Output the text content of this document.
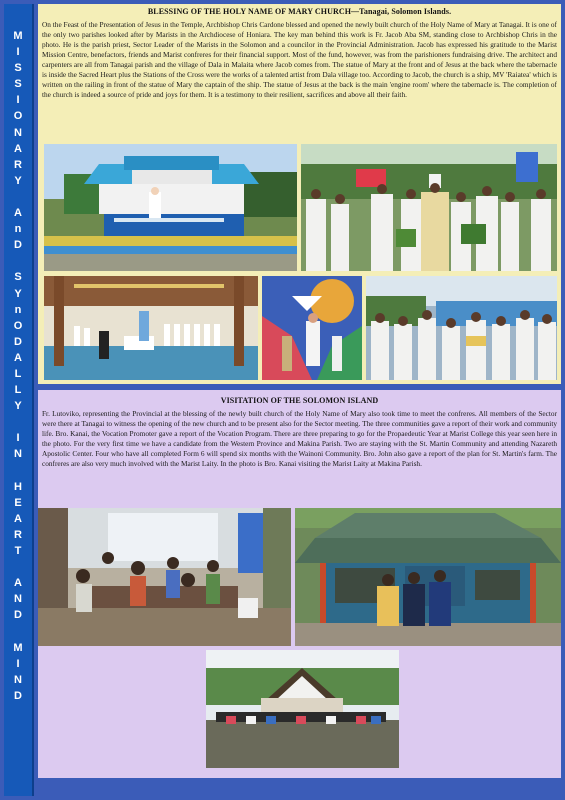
M
I
S
S
I
O
N
A
R
Y

A
n
D

S
Y
n
O
D
A
L
L
Y

I
N

H
E
A
R
T

A
N
D

M
I
N
D
BLESSING OF THE HOLY NAME OF MARY CHURCH—Tanagai, Solomon Islands.
On the Feast of the Presentation of Jesus in the Temple, Archbishop Chris Cardone blessed and opened the newly built church of the Holy Name of Mary at Tanagai. It is one of the only two parishes looked after by Marists in the Archdiocese of Honiara. The key man behind this work is Fr. Jacob Aba SM, standing close to Archbishop Chris in the photo. He is the parish priest, Sector Leader of the Marists in the Solomon and a councilor in the Provincial Administration. Jacob has expressed his gratitude to the Marist Mission Centre, benefactors, friends and Marist confreres for their financial support. Most of the fund, however, was from the parishioners fundraising drive. The architect and carpenters are all from Tanagai parish and the village of Dala in Malaita where Jacob comes from. The statue of Mary at the front and of Jesus at the back where the tabernacle is inside the Sacred Heart plus the Stations of the Cross were the works of a talented artist from Dala village too. According to Jacob, the church is a ship, MV 'Raiatea' which is written on the railing in front of the statue of Mary the captain of the ship. The statue of Jesus at the back is the main 'engine room' where the tabernacle is. The completion of the church is indeed a source of pride and joys for them. It is a testimony to their resilient, sacrifices and above all their faith.
VISITATION OF THE SOLOMON ISLAND
Fr. Lutoviko, representing the Provincial at the blessing of the newly built church of the Holy Name of Mary also took time to meet the confreres. All members of the Sector were there at Tanagai to witness the opening of the new church and to be present also for the Sector meeting. The three communities gave a report of their work and community life. Bro. Kanai, the Vocation Promoter gave a report of the Vocation Program. There are three preparing to go for the Propaedeutic Year at Marist College this year seen here in the photo. For the very first time we have a candidate from the Western Province and Makina Parish. Two are staying with the St. Martin Community and attending Nazareth Apostolic Center. Four who have all completed Form 6 will spend six months with the Wainoni Community. Bro. John also gave a report of the plan for St. Martin's farm. The confreres are also very much involved with the Marist Laity. In the photo is Bro. Kanai visiting the Marist Laity at Makina Parish.
